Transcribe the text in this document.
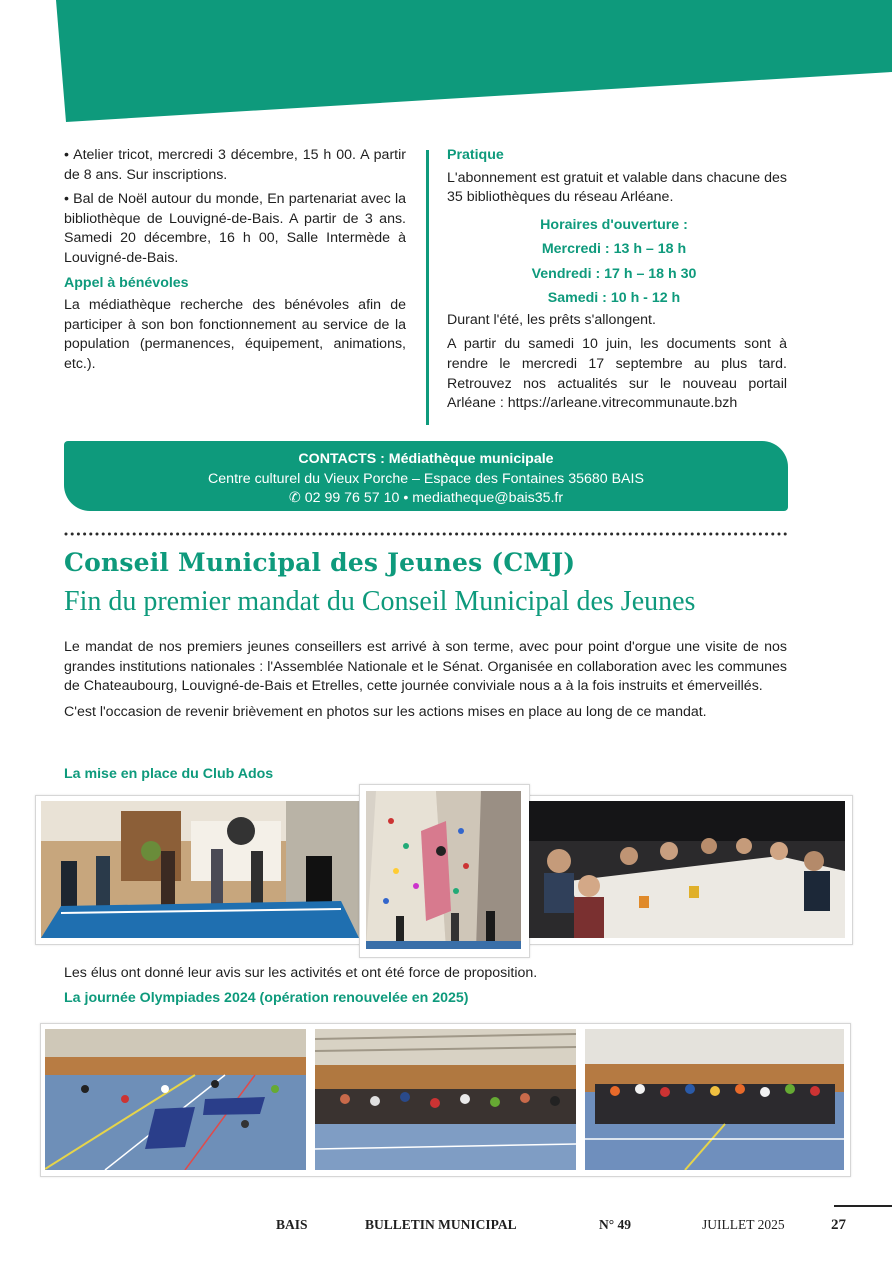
• Atelier tricot, mercredi 3 décembre, 15 h 00. A partir de 8 ans. Sur inscriptions.

• Bal de Noël autour du monde, En partenariat avec la bibliothèque de Louvigné-de-Bais. A partir de 3 ans. Samedi 20 décembre, 16 h 00, Salle Intermède à Louvigné-de-Bais.

Appel à bénévoles

La médiathèque recherche des bénévoles afin de participer à son bon fonctionnement au service de la population (permanences, équipement, animations, etc.).

Pratique

L'abonnement est gratuit et valable dans chacune des 35 bibliothèques du réseau Arléane.

Horaires d'ouverture :
Mercredi : 13 h – 18 h
Vendredi : 17 h – 18 h 30
Samedi : 10 h - 12 h

Durant l'été, les prêts s'allongent.

A partir du samedi 10 juin, les documents sont à rendre le mercredi 17 septembre au plus tard. Retrouvez nos actualités sur le nouveau portail Arléane : https://arleane.vitrecommunaute.bzh

CONTACTS : Médiathèque municipale
Centre culturel du Vieux Porche – Espace des Fontaines 35680 BAIS
✆ 02 99 76 57 10 • mediatheque@bais35.fr
Conseil Municipal des Jeunes (CMJ)
Fin du premier mandat du Conseil Municipal des Jeunes

Le mandat de nos premiers jeunes conseillers est arrivé à son terme, avec pour point d'orgue une visite de nos grandes institutions nationales : l'Assemblée Nationale et le Sénat. Organisée en collaboration avec les communes de Chateaubourg, Louvigné-de-Bais et Etrelles, cette journée conviviale nous a à la fois instruits et émerveillés.

C'est l'occasion de revenir brièvement en photos sur les actions mises en place au long de ce mandat.

La mise en place du Club Ados
Les élus ont donné leur avis sur les activités et ont été force de proposition.
La journée Olympiades 2024 (opération renouvelée en 2025)
BAIS	BULLETIN MUNICIPAL	N° 49	JUILLET 2025	27
